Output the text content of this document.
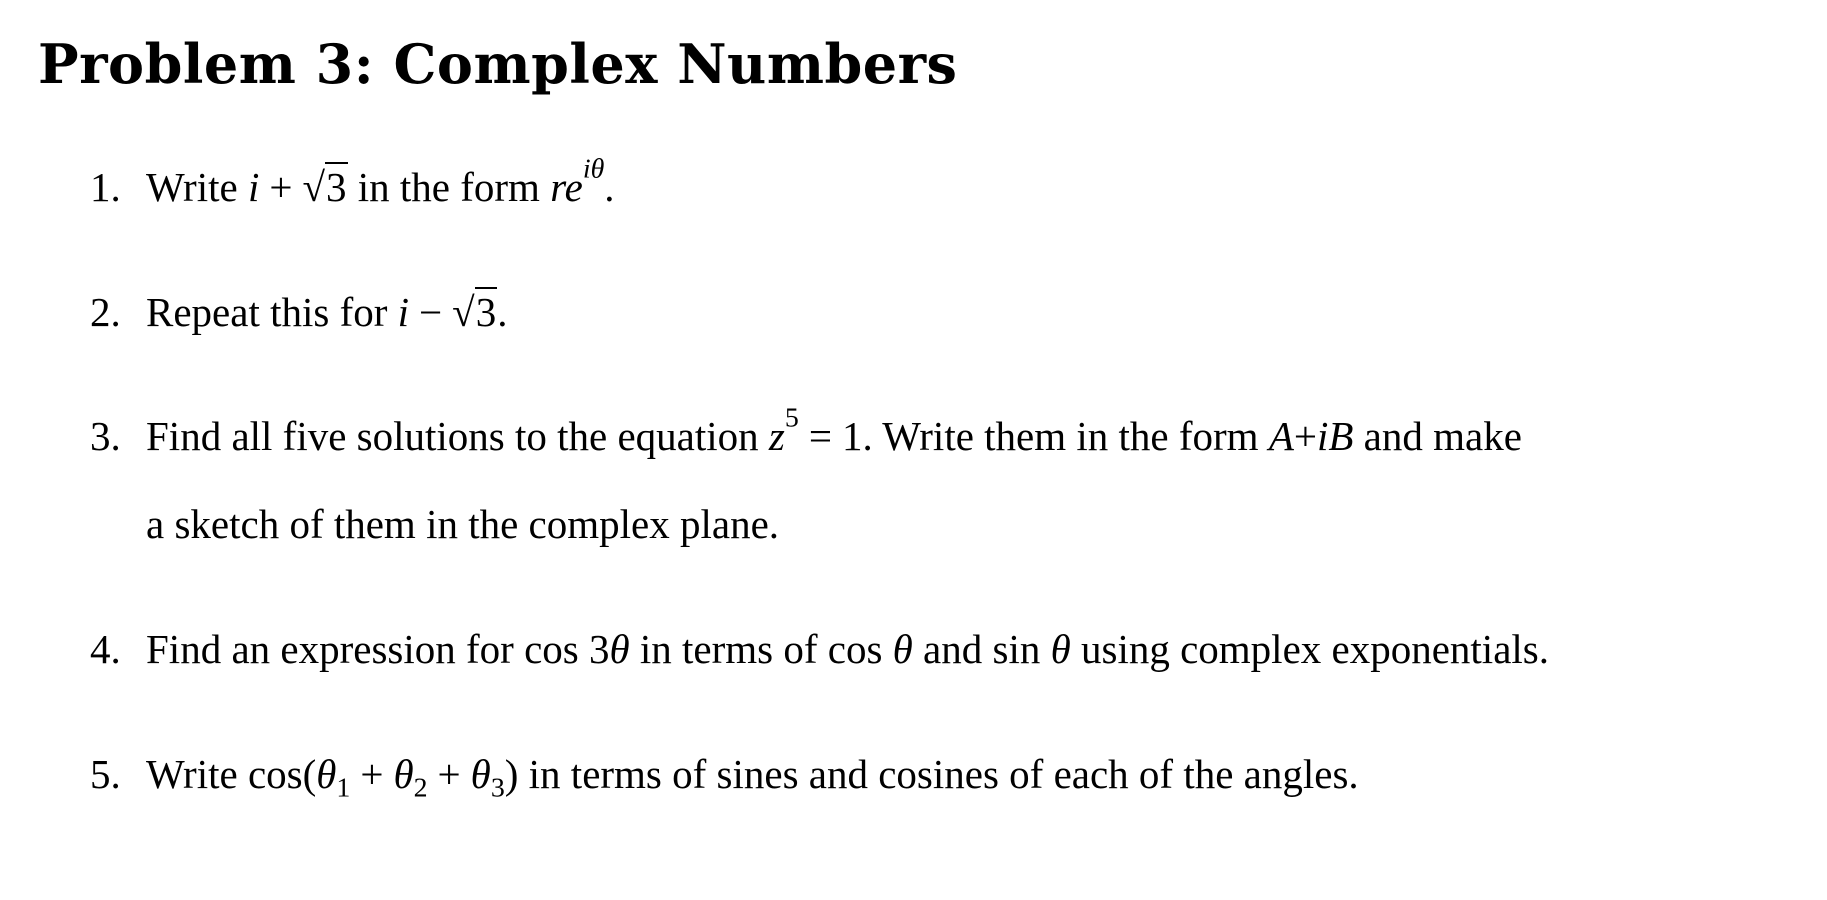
Problem 3: Complex Numbers
1. Write i + √3 in the form $re^{i\theta}$.
2. Repeat this for i − √3.
3. Find all five solutions to the equation $z^5 = 1$. Write them in the form A+iB and make
a sketch of them in the complex plane.
4. Find an expression for cos 3θ in terms of cos θ and sin θ using complex exponentials.
5. Write $\cos(\theta_1 + \theta_2 + \theta_3)$ in terms of sines and cosines of each of the angles.
